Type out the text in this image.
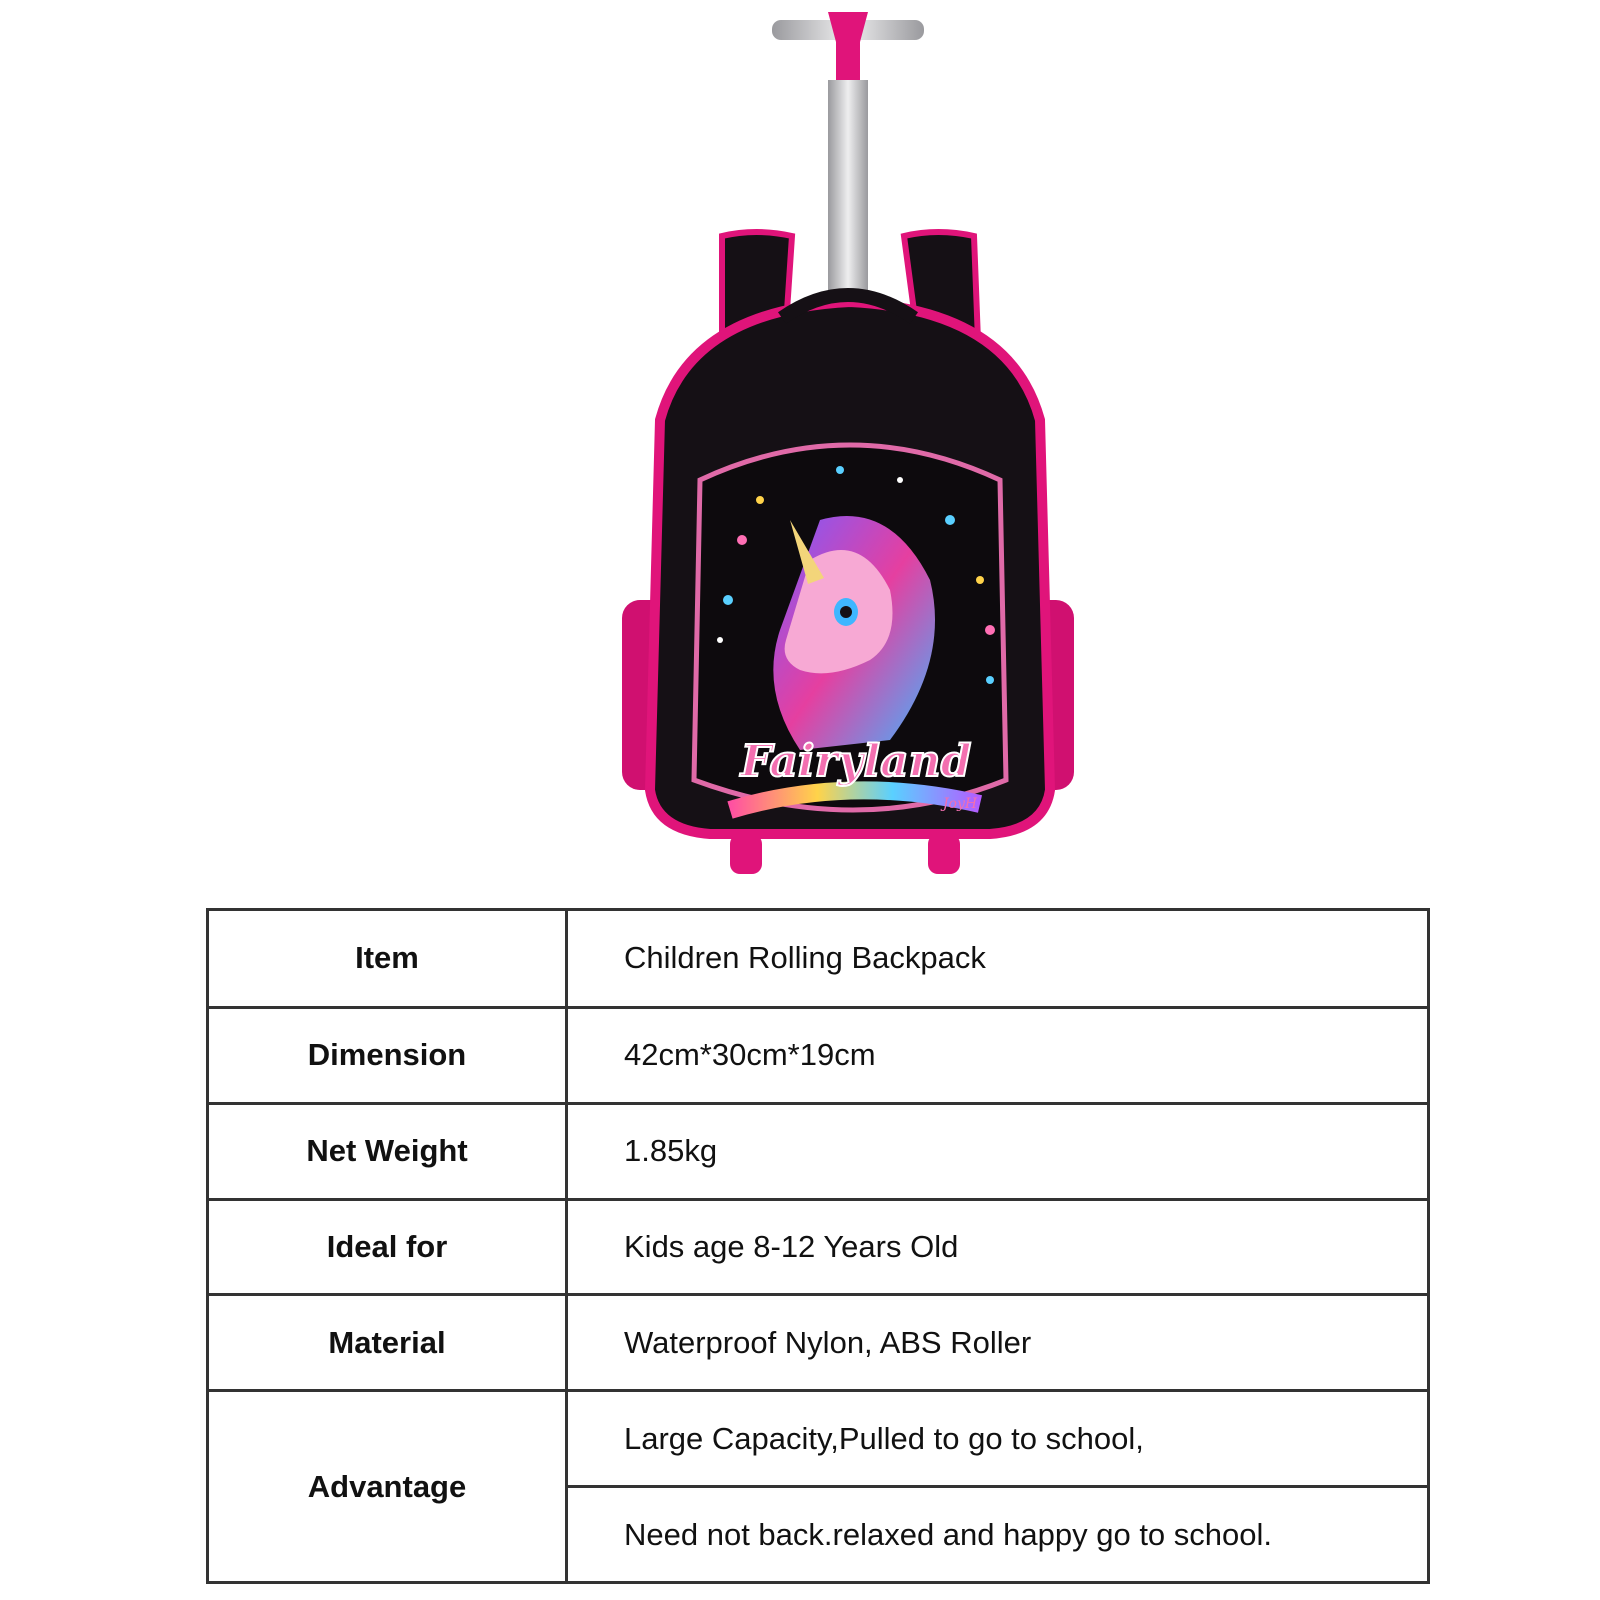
Fairyland
JoyH
Item	Children Rolling Backpack
Dimension	42cm*30cm*19cm
Net Weight	1.85kg
Ideal for	Kids age 8-12 Years Old
Material	Waterproof Nylon, ABS Roller
Advantage	Large Capacity,Pulled to go to school,
	Need not back.relaxed and happy go to school.
